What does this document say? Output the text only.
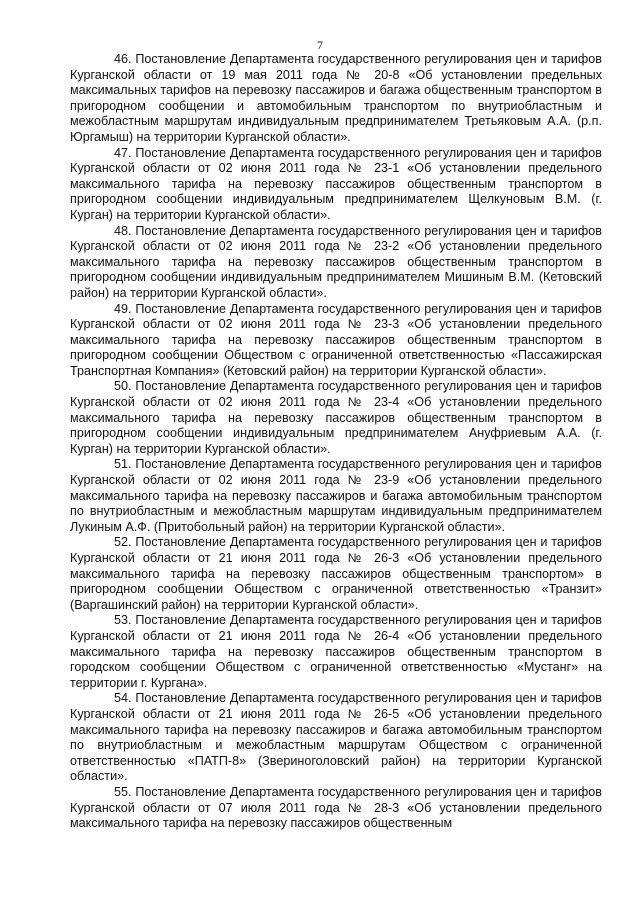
7

46. Постановление Департамента государственного регулирования цен и тарифов Курганской области от 19 мая 2011 года № 20-8 «Об установлении предельных максимальных тарифов на перевозку пассажиров и багажа общественным транспортом в пригородном сообщении и автомобильным транспортом по внутриобластным и межобластным маршрутам индивидуальным предпринимателем Третьяковым А.А. (р.п. Юргамыш) на территории Курганской области».

47. Постановление Департамента государственного регулирования цен и тарифов Курганской области от 02 июня 2011 года № 23-1 «Об установлении предельного максимального тарифа на перевозку пассажиров общественным транспортом в пригородном сообщении индивидуальным предпринимателем Щелкуновым В.М. (г. Курган) на территории Курганской области».

48. Постановление Департамента государственного регулирования цен и тарифов Курганской области от 02 июня 2011 года № 23-2 «Об установлении предельного максимального тарифа на перевозку пассажиров общественным транспортом в пригородном сообщении индивидуальным предпринимателем Мишиным В.М. (Кетовский район) на территории Курганской области».

49. Постановление Департамента государственного регулирования цен и тарифов Курганской области от 02 июня 2011 года № 23-3 «Об установлении предельного максимального тарифа на перевозку пассажиров общественным транспортом в пригородном сообщении Обществом с ограниченной ответственностью «Пассажирская Транспортная Компания» (Кетовский район) на территории Курганской области».

50. Постановление Департамента государственного регулирования цен и тарифов Курганской области от 02 июня 2011 года № 23-4 «Об установлении предельного максимального тарифа на перевозку пассажиров общественным транспортом в пригородном сообщении индивидуальным предпринимателем Ануфриевым А.А. (г. Курган) на территории Курганской области».

51. Постановление Департамента государственного регулирования цен и тарифов Курганской области от 02 июня 2011 года № 23-9 «Об установлении предельного максимального тарифа на перевозку пассажиров и багажа автомобильным транспортом по внутриобластным и межобластным маршрутам индивидуальным предпринимателем Лукиным А.Ф. (Притобольный район) на территории Курганской области».

52. Постановление Департамента государственного регулирования цен и тарифов Курганской области от 21 июня 2011 года № 26-3 «Об установлении предельного максимального тарифа на перевозку пассажиров общественным транспортом» в пригородном сообщении Обществом с ограниченной ответственностью «Транзит» (Варгашинский район) на территории Курганской области».

53. Постановление Департамента государственного регулирования цен и тарифов Курганской области от 21 июня 2011 года № 26-4 «Об установлении предельного максимального тарифа на перевозку пассажиров общественным транспортом в городском сообщении Обществом с ограниченной ответственностью «Мустанг» на территории г. Кургана».

54. Постановление Департамента государственного регулирования цен и тарифов Курганской области от 21 июня 2011 года № 26-5 «Об установлении предельного максимального тарифа на перевозку пассажиров и багажа автомобильным транспортом по внутриобластным и межобластным маршрутам Обществом с ограниченной ответственностью «ПАТП-8» (Звериноголовский район) на территории Курганской области».

55. Постановление Департамента государственного регулирования цен и тарифов Курганской области от 07 июля 2011 года № 28-3 «Об установлении предельного максимального тарифа на перевозку пассажиров общественным
